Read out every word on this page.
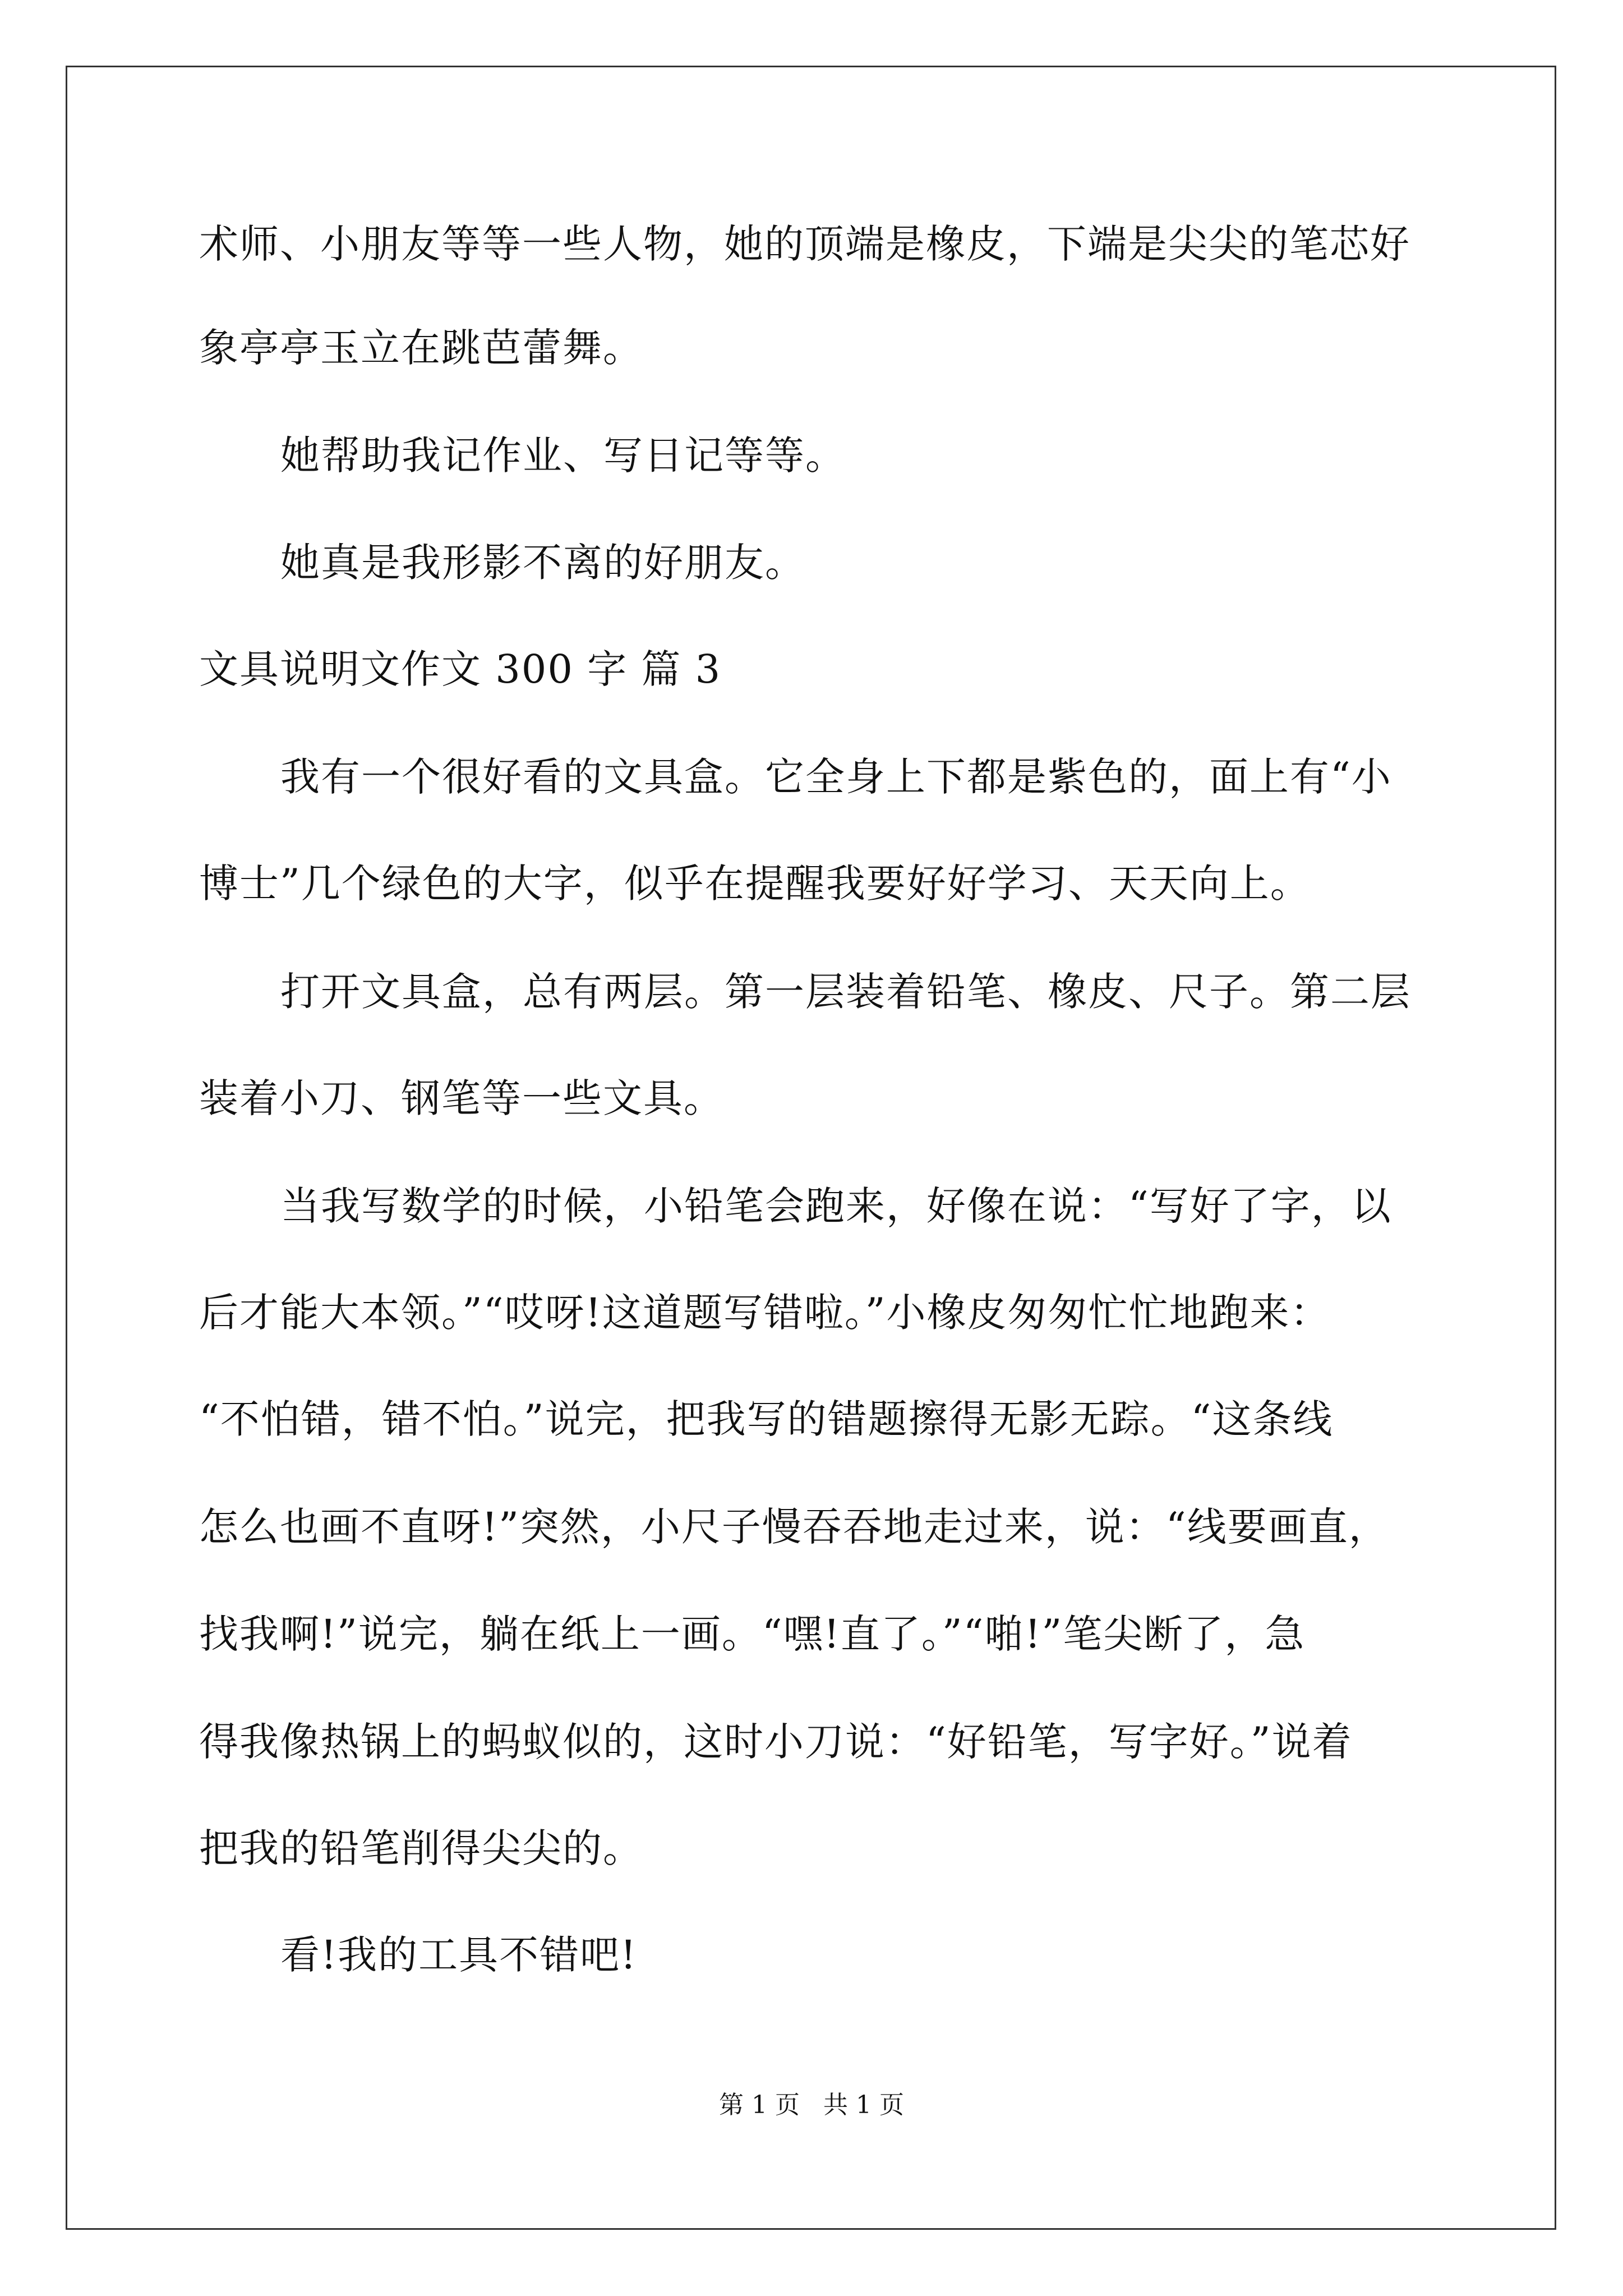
术师、小朋友等等一些人物，她的顶端是橡皮，下端是尖尖的笔芯好
象亭亭玉立在跳芭蕾舞。
她帮助我记作业、写日记等等。
她真是我形影不离的好朋友。
文具说明文作文 300 字 篇 3
我有一个很好看的文具盒。它全身上下都是紫色的，面上有“小
博士”几个绿色的大字，似乎在提醒我要好好学习、天天向上。
打开文具盒，总有两层。第一层装着铅笔、橡皮、尺子。第二层
装着小刀、钢笔等一些文具。
当我写数学的时候，小铅笔会跑来，好像在说：“写好了字，以
后才能大本领。”“哎呀!这道题写错啦。”小橡皮匆匆忙忙地跑来：
“不怕错，错不怕。”说完，把我写的错题擦得无影无踪。“这条线
怎么也画不直呀!”突然，小尺子慢吞吞地走过来，说：“线要画直，
找我啊!”说完，躺在纸上一画。“嘿!直了。”“啪!”笔尖断了，急
得我像热锅上的蚂蚁似的，这时小刀说：“好铅笔，写字好。”说着
把我的铅笔削得尖尖的。
看!我的工具不错吧!
第 1 页 共 1 页
